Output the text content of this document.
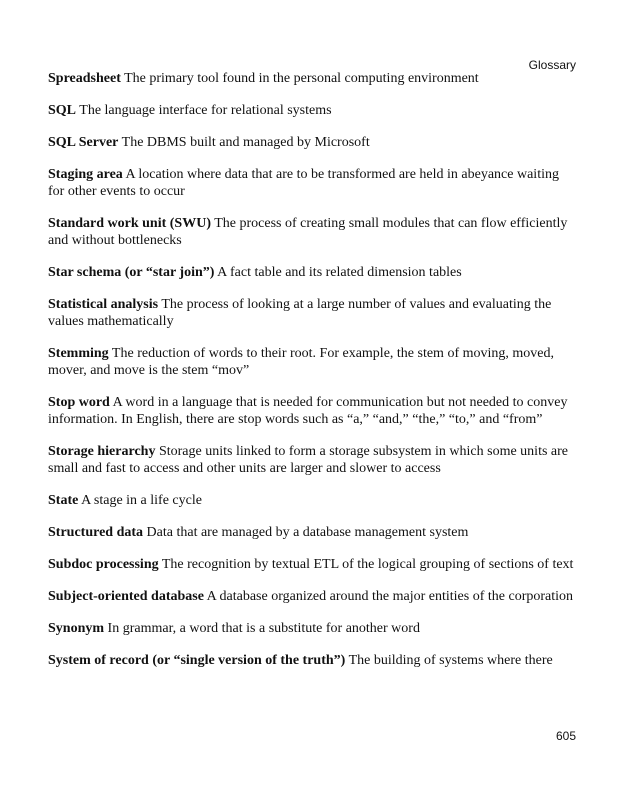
Glossary

Spreadsheet The primary tool found in the personal computing environment

SQL The language interface for relational systems

SQL Server The DBMS built and managed by Microsoft

Staging area A location where data that are to be transformed are held in abeyance waiting for other events to occur

Standard work unit (SWU) The process of creating small modules that can flow efficiently and without bottlenecks

Star schema (or “star join”) A fact table and its related dimension tables

Statistical analysis The process of looking at a large number of values and evaluating the values mathematically

Stemming The reduction of words to their root. For example, the stem of moving, moved, mover, and move is the stem “mov”

Stop word A word in a language that is needed for communication but not needed to convey information. In English, there are stop words such as “a,” “and,” “the,” “to,” and “from”

Storage hierarchy Storage units linked to form a storage subsystem in which some units are small and fast to access and other units are larger and slower to access

State A stage in a life cycle

Structured data Data that are managed by a database management system

Subdoc processing The recognition by textual ETL of the logical grouping of sections of text

Subject-oriented database A database organized around the major entities of the corporation

Synonym In grammar, a word that is a substitute for another word

System of record (or “single version of the truth”) The building of systems where there

605
